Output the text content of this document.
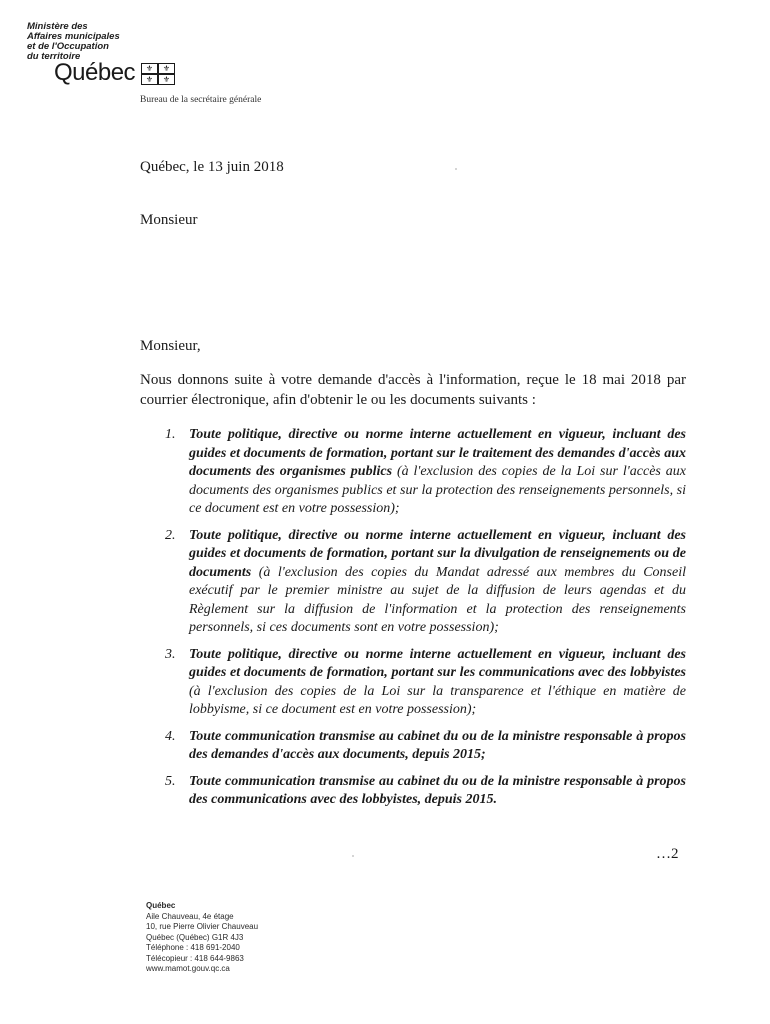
Ministère des
Affaires municipales
et de l'Occupation
du territoire
Québec	⚜	⚜
⚜	⚜
Bureau de la secrétaire générale
Québec, le 13 juin 2018
Monsieur
Monsieur,
Nous donnons suite à votre demande d'accès à l'information, reçue le 18 mai 2018 par courrier électronique, afin d'obtenir le ou les documents suivants :
1. Toute politique, directive ou norme interne actuellement en vigueur, incluant des guides et documents de formation, portant sur le traitement des demandes d'accès aux documents des organismes publics (à l'exclusion des copies de la Loi sur l'accès aux documents des organismes publics et sur la protection des renseignements personnels, si ce document est en votre possession);
2. Toute politique, directive ou norme interne actuellement en vigueur, incluant des guides et documents de formation, portant sur la divulgation de renseignements ou de documents (à l'exclusion des copies du Mandat adressé aux membres du Conseil exécutif par le premier ministre au sujet de la diffusion de leurs agendas et du Règlement sur la diffusion de l'information et la protection des renseignements personnels, si ces documents sont en votre possession);
3. Toute politique, directive ou norme interne actuellement en vigueur, incluant des guides et documents de formation, portant sur les communications avec des lobbyistes (à l'exclusion des copies de la Loi sur la transparence et l'éthique en matière de lobbyisme, si ce document est en votre possession);
4. Toute communication transmise au cabinet du ou de la ministre responsable à propos des demandes d'accès aux documents, depuis 2015;
5. Toute communication transmise au cabinet du ou de la ministre responsable à propos des communications avec des lobbyistes, depuis 2015.
…2
Québec
Aile Chauveau, 4e étage
10, rue Pierre Olivier Chauveau
Québec (Québec) G1R 4J3
Téléphone : 418 691-2040
Télécopieur : 418 644-9863
www.mamot.gouv.qc.ca
